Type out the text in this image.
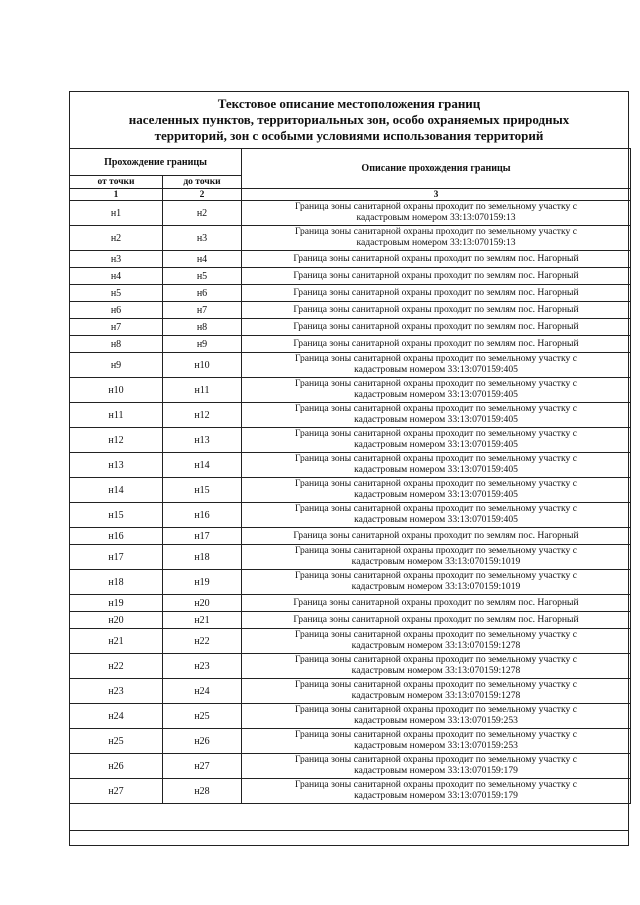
Текстовое описание местоположения границ
населенных пунктов, территориальных зон, особо охраняемых природных
территорий, зон с особыми условиями использования территорий
Прохождение границы		Описание прохождения границы
от точки	до точки	
1	2	3
н1	н2	Граница зоны санитарной охраны проходит по земельному участку с
кадастровым номером 33:13:070159:13

н2	н3	Граница зоны санитарной охраны проходит по земельному участку с
кадастровым номером 33:13:070159:13

н3	н4	Граница зоны санитарной охраны проходит по землям пос. Нагорный

н4	н5	Граница зоны санитарной охраны проходит по землям пос. Нагорный

н5	н6	Граница зоны санитарной охраны проходит по землям пос. Нагорный

н6	н7	Граница зоны санитарной охраны проходит по землям пос. Нагорный

н7	н8	Граница зоны санитарной охраны проходит по землям пос. Нагорный

н8	н9	Граница зоны санитарной охраны проходит по землям пос. Нагорный

н9	н10	Граница зоны санитарной охраны проходит по земельному участку с
кадастровым номером 33:13:070159:405

н10	н11	Граница зоны санитарной охраны проходит по земельному участку с
кадастровым номером 33:13:070159:405

н11	н12	Граница зоны санитарной охраны проходит по земельному участку с
кадастровым номером 33:13:070159:405

н12	н13	Граница зоны санитарной охраны проходит по земельному участку с
кадастровым номером 33:13:070159:405

н13	н14	Граница зоны санитарной охраны проходит по земельному участку с
кадастровым номером 33:13:070159:405

н14	н15	Граница зоны санитарной охраны проходит по земельному участку с
кадастровым номером 33:13:070159:405

н15	н16	Граница зоны санитарной охраны проходит по земельному участку с
кадастровым номером 33:13:070159:405

н16	н17	Граница зоны санитарной охраны проходит по землям пос. Нагорный

н17	н18	Граница зоны санитарной охраны проходит по земельному участку с
кадастровым номером 33:13:070159:1019

н18	н19	Граница зоны санитарной охраны проходит по земельному участку с
кадастровым номером 33:13:070159:1019

н19	н20	Граница зоны санитарной охраны проходит по землям пос. Нагорный

н20	н21	Граница зоны санитарной охраны проходит по землям пос. Нагорный

н21	н22	Граница зоны санитарной охраны проходит по земельному участку с
кадастровым номером 33:13:070159:1278

н22	н23	Граница зоны санитарной охраны проходит по земельному участку с
кадастровым номером 33:13:070159:1278

н23	н24	Граница зоны санитарной охраны проходит по земельному участку с
кадастровым номером 33:13:070159:1278

н24	н25	Граница зоны санитарной охраны проходит по земельному участку с
кадастровым номером 33:13:070159:253

н25	н26	Граница зоны санитарной охраны проходит по земельному участку с
кадастровым номером 33:13:070159:253

н26	н27	Граница зоны санитарной охраны проходит по земельному участку с
кадастровым номером 33:13:070159:179

н27	н28	Граница зоны санитарной охраны проходит по земельному участку с
кадастровым номером 33:13:070159:179
